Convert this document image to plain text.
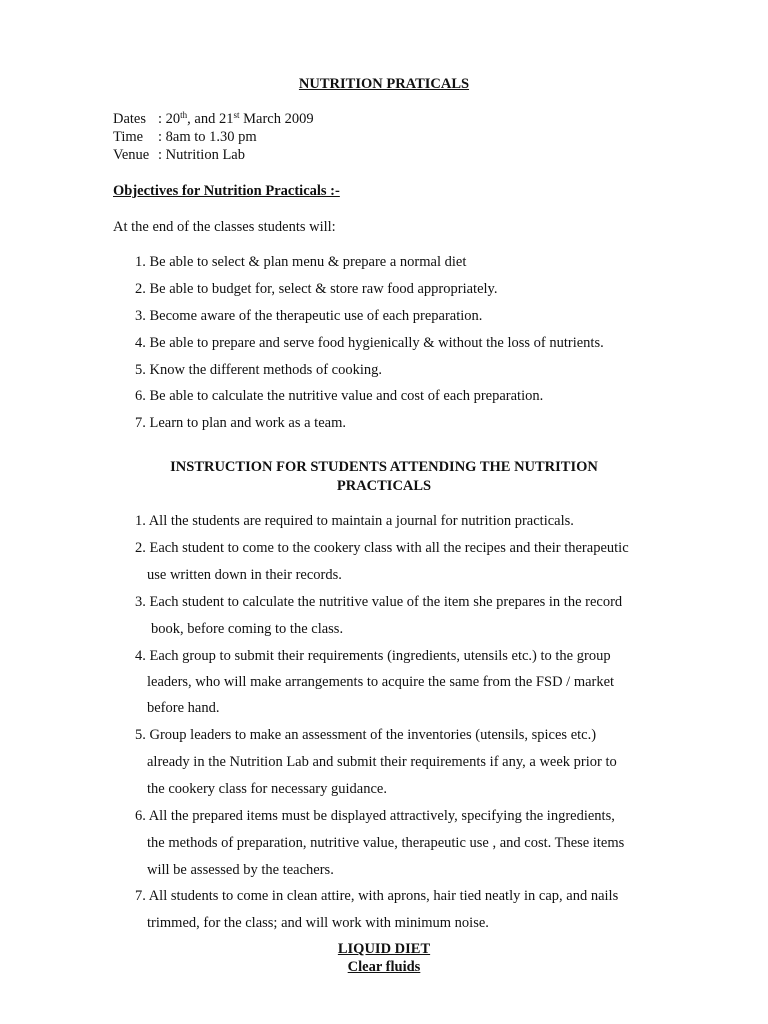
NUTRITION PRATICALS
Dates : 20th, and 21st March 2009
Time : 8am to 1.30 pm
Venue : Nutrition Lab
Objectives for Nutrition Practicals :-
At the end of the classes students will:
1. Be able to select & plan menu & prepare a normal diet
2. Be able to budget for, select & store raw food appropriately.
3. Become aware of the therapeutic use of each preparation.
4. Be able to prepare and serve food hygienically & without the loss of nutrients.
5. Know the different methods of cooking.
6. Be able to calculate the nutritive value and cost of each preparation.
7. Learn to plan and work as a team.
INSTRUCTION FOR STUDENTS ATTENDING THE NUTRITION
PRACTICALS
1. All the students are required to maintain a journal for nutrition practicals.
2. Each student to come to the cookery class with all the recipes and their therapeutic
use written down in their records.
3. Each student to calculate the nutritive value of the item she prepares in the record
book, before coming to the class.
4. Each group to submit their requirements (ingredients, utensils etc.) to the group
leaders, who will make arrangements to acquire the same from the FSD / market
before hand.
5. Group leaders to make an assessment of the inventories (utensils, spices etc.)
already in the Nutrition Lab and submit their requirements if any, a week prior to
the cookery class for necessary guidance.
6. All the prepared items must be displayed attractively, specifying the ingredients,
the methods of preparation, nutritive value, therapeutic use , and cost. These items
will be assessed by the teachers.
7. All students to come in clean attire, with aprons, hair tied neatly in cap, and nails
trimmed, for the class; and will work with minimum noise.
LIQUID DIET
Clear fluids
